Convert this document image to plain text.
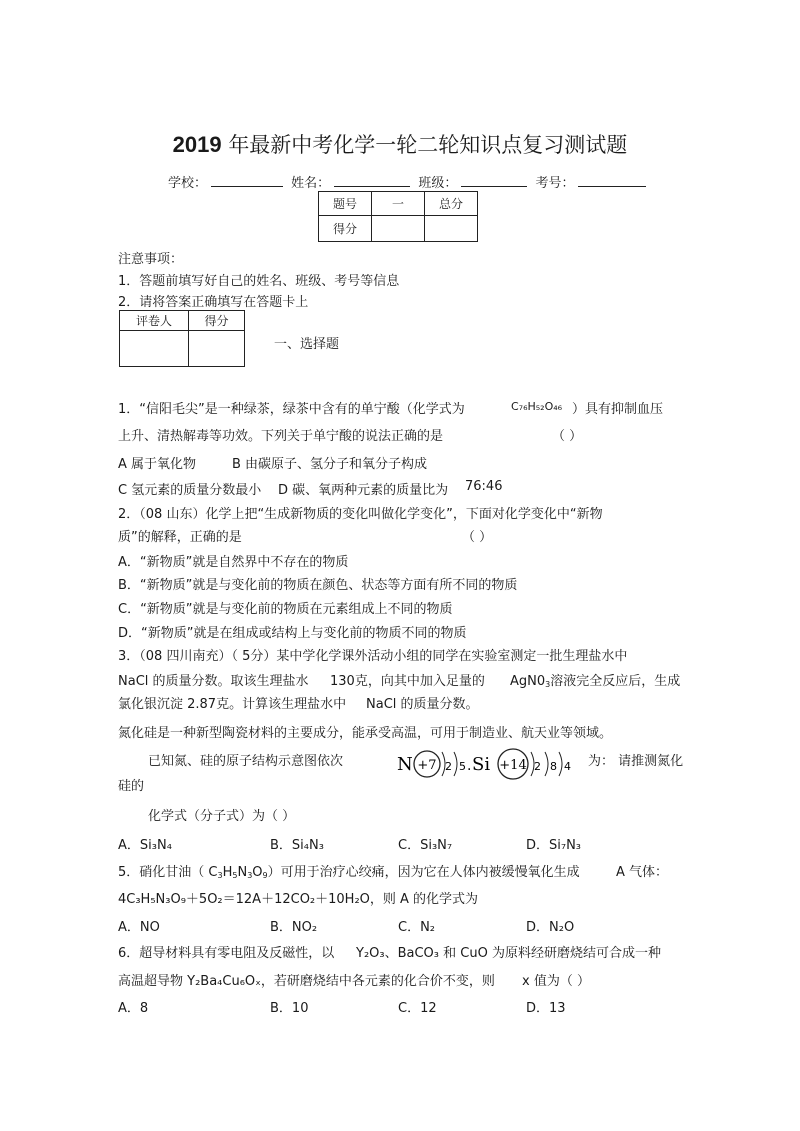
2019 年最新中考化学一轮二轮知识点复习测试题
学校：	姓名：	班级：	考号：
题号	一	总分
得分		
注意事项：
1．答题前填写好自己的姓名、班级、考号等信息
2．请将答案正确填写在答题卡上
评卷人	得分

一、选择题
1．“信阳毛尖”是一种绿茶，绿茶中含有的单宁酸（化学式为	C₇₆H₅₂O₄₆ ）具有抑制血压
上升、清热解毒等功效。下列关于单宁酸的说法正确的是	（ ）
A 属于氧化物	B 由碳原子、氢分子和氧分子构成
C 氢元素的质量分数最小 D 碳、氧两种元素的质量比为 76:46
2．（08 山东）化学上把“生成新物质的变化叫做化学变化”，下面对化学变化中“新物
质”的解释，正确的是	（ ）
A．“新物质”就是自然界中不存在的物质
B．“新物质”就是与变化前的物质在颜色、状态等方面有所不同的物质
C．“新物质”就是与变化前的物质在元素组成上不同的物质
D．“新物质”就是在组成或结构上与变化前的物质不同的物质
3．（08 四川南充）（ 5分）某中学化学课外活动小组的同学在实验室测定一批生理盐水中
NaCl 的质量分数。取该生理盐水 130克，向其中加入足量的 $AgN0_3$溶液完全反应后，生成
氯化银沉淀 2.87克。计算该生理盐水中 NaCl 的质量分数。
氮化硅是一种新型陶瓷材料的主要成分，能承受高温，可用于制造业、航天业等领域。
已知氮、硅的原子结构示意图依次	N +7 2 5 . Si +14 2 8 4 为： 请推测氮化
硅的
化学式（分子式）为（ ）
A．Si₃N₄	B．Si₄N₃	C．Si₃N₇	D．Si₇N₃
5．硝化甘油（ $C_3H_5N_3O_9$）可用于治疗心绞痛，因为它在人体内被缓慢氧化生成	A 气体：
4C₃H₅N₃O₉＋5O₂＝12A＋12CO₂＋10H₂O，则 A 的化学式为
A．NO	B．NO₂	C．N₂	D．N₂O
6．超导材料具有零电阻及反磁性，以 Y₂O₃、BaCO₃ 和 CuO 为原料经研磨烧结可合成一种
高温超导物 Y₂Ba₄Cu₆Oₓ，若研磨烧结中各元素的化合价不变，则 x 值为（ ）
A．8	B．10	C．12	D．13
